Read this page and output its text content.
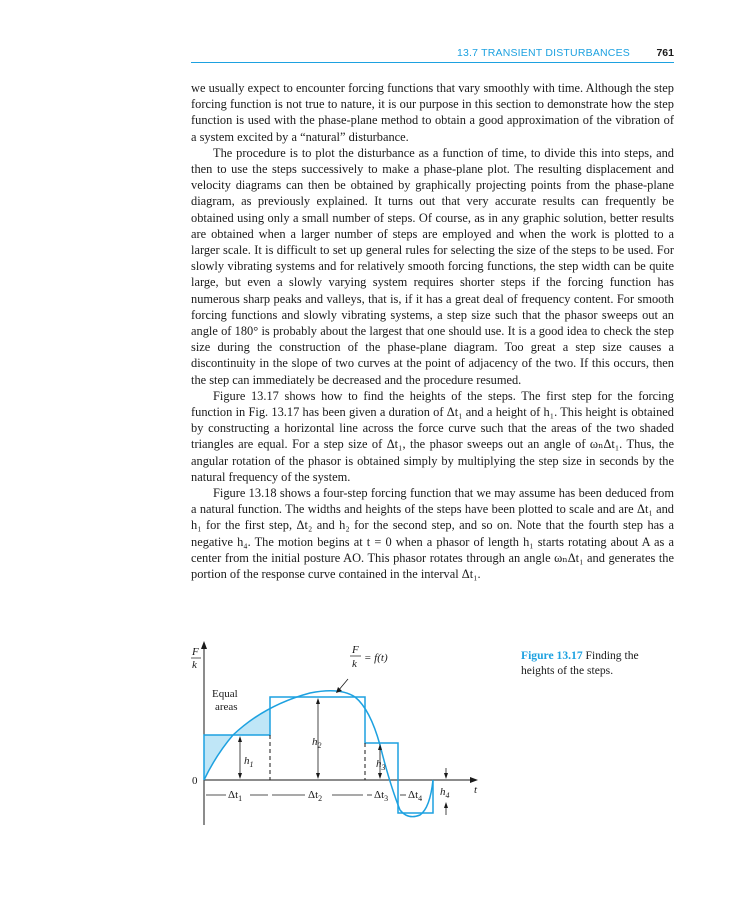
13.7 TRANSIENT DISTURBANCES	761

we usually expect to encounter forcing functions that vary smoothly with time. Although the step forcing function is not true to nature, it is our purpose in this section to demonstrate how the step function is used with the phase-plane method to obtain a good approximation of the vibration of a system excited by a “natural” disturbance.

The procedure is to plot the disturbance as a function of time, to divide this into steps, and then to use the steps successively to make a phase-plane plot. The resulting displacement and velocity diagrams can then be obtained by graphically projecting points from the phase-plane diagram, as previously explained. It turns out that very accurate results can frequently be obtained using only a small number of steps. Of course, as in any graphic solution, better results are obtained when a larger number of steps are employed and when the work is plotted to a larger scale. It is difficult to set up general rules for selecting the size of the steps to be used. For slowly vibrating systems and for relatively smooth forcing functions, the step width can be quite large, but even a slowly varying system requires shorter steps if the forcing function has numerous sharp peaks and valleys, that is, if it has a great deal of frequency content. For smooth forcing functions and slowly vibrating systems, a step size such that the phasor sweeps out an angle of 180° is probably about the largest that one should use. It is a good idea to check the step size during the construction of the phase-plane diagram. Too great a step size causes a discontinuity in the slope of two curves at the point of adjacency of the two. If this occurs, then the step can immediately be decreased and the procedure resumed.

Figure 13.17 shows how to find the heights of the steps. The first step for the forcing function in Fig. 13.17 has been given a duration of Δt₁ and a height of h₁. This height is obtained by constructing a horizontal line across the force curve such that the areas of the two shaded triangles are equal. For a step size of Δt₁, the phasor sweeps out an angle of ωₙΔt₁. Thus, the angular rotation of the phasor is obtained simply by multiplying the step size in seconds by the natural frequency of the system.

Figure 13.18 shows a four-step forcing function that we may assume has been deduced from a natural function. The widths and heights of the steps have been plotted to scale and are Δt₁ and h₁ for the first step, Δt₂ and h₂ for the second step, and so on. Note that the fourth step has a negative h₄. The motion begins at t = 0 when a phasor of length h₁ starts rotating about A as a center from the initial posture AO. This phasor rotates through an angle ωₙΔt₁ and generates the portion of the response curve contained in the interval Δt₁.

F
k
0
t
F
k = f(t)
Equal
areas
$h_1$
$h_2$
$h_3$
$h_4$
$\Delta t_1$	$\Delta t_2$	$\Delta t_3$ $\Delta t_4$
Figure 13.17 Finding the heights of the steps.
